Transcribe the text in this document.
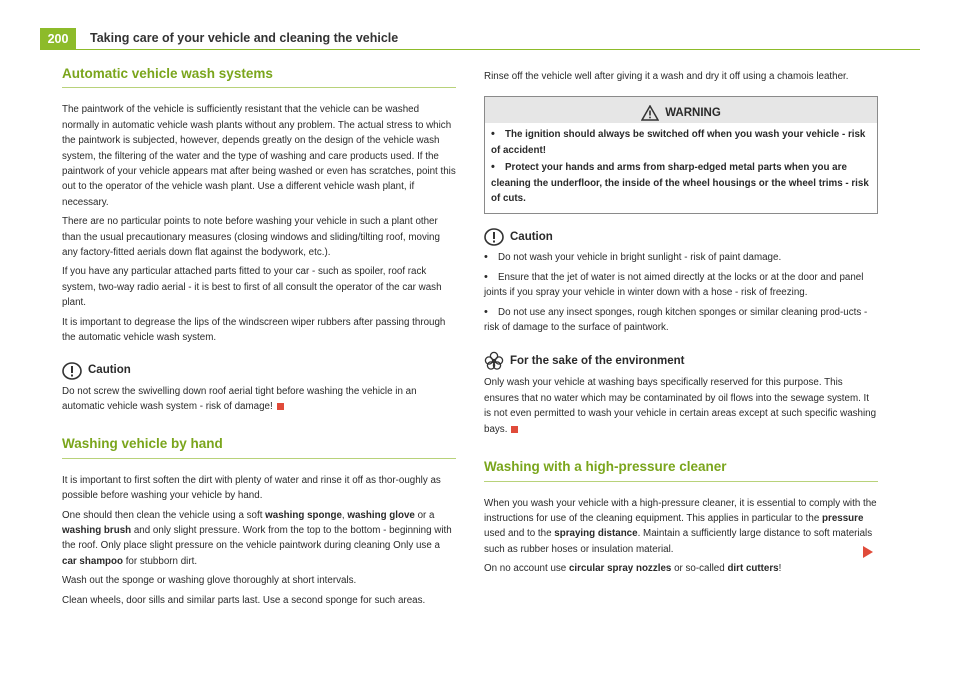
200	Taking care of your vehicle and cleaning the vehicle
Automatic vehicle wash systems

The paintwork of the vehicle is sufficiently resistant that the vehicle can be washed normally in automatic vehicle wash plants without any problem. The actual stress to which the paintwork is subjected, however, depends greatly on the design of the vehicle wash system, the filtering of the water and the type of washing and care products used. If the paintwork of your vehicle appears mat after being washed or even has scratches, point this out to the operator of the vehicle wash plant. Use a different vehicle wash plant, if necessary.

There are no particular points to note before washing your vehicle in such a plant other than the usual precautionary measures (closing windows and sliding/tilting roof, moving any factory-fitted aerials down flat against the bodywork, etc.).

If you have any particular attached parts fitted to your car - such as spoiler, roof rack system, two-way radio aerial - it is best to first of all consult the operator of the car wash plant.

It is important to degrease the lips of the windscreen wiper rubbers after passing through the automatic vehicle wash system.

Caution

Do not screw the swivelling down roof aerial tight before washing the vehicle in an automatic vehicle wash system - risk of damage!

Washing vehicle by hand

It is important to first soften the dirt with plenty of water and rinse it off as thor-oughly as possible before washing your vehicle by hand.

One should then clean the vehicle using a soft washing sponge, washing glove or a washing brush and only slight pressure. Work from the top to the bottom - beginning with the roof. Only place slight pressure on the vehicle paintwork during cleaning Only use a car shampoo for stubborn dirt.

Wash out the sponge or washing glove thoroughly at short intervals.

Clean wheels, door sills and similar parts last. Use a second sponge for such areas.

Rinse off the vehicle well after giving it a wash and dry it off using a chamois leather.

WARNING

• The ignition should always be switched off when you wash your vehicle - risk of accident!

• Protect your hands and arms from sharp-edged metal parts when you are cleaning the underfloor, the inside of the wheel housings or the wheel trims - risk of cuts.

Caution

• Do not wash your vehicle in bright sunlight - risk of paint damage.

• Ensure that the jet of water is not aimed directly at the locks or at the door and panel joints if you spray your vehicle in winter down with a hose - risk of freezing.

• Do not use any insect sponges, rough kitchen sponges or similar cleaning prod-ucts - risk of damage to the surface of paintwork.

For the sake of the environment

Only wash your vehicle at washing bays specifically reserved for this purpose. This ensures that no water which may be contaminated by oil flows into the sewage system. It is not even permitted to wash your vehicle in certain areas except at such specific washing bays.

Washing with a high-pressure cleaner

When you wash your vehicle with a high-pressure cleaner, it is essential to comply with the instructions for use of the cleaning equipment. This applies in particular to the pressure used and to the spraying distance. Maintain a sufficiently large distance to soft materials such as rubber hoses or insulation material.

On no account use circular spray nozzles or so-called dirt cutters!
